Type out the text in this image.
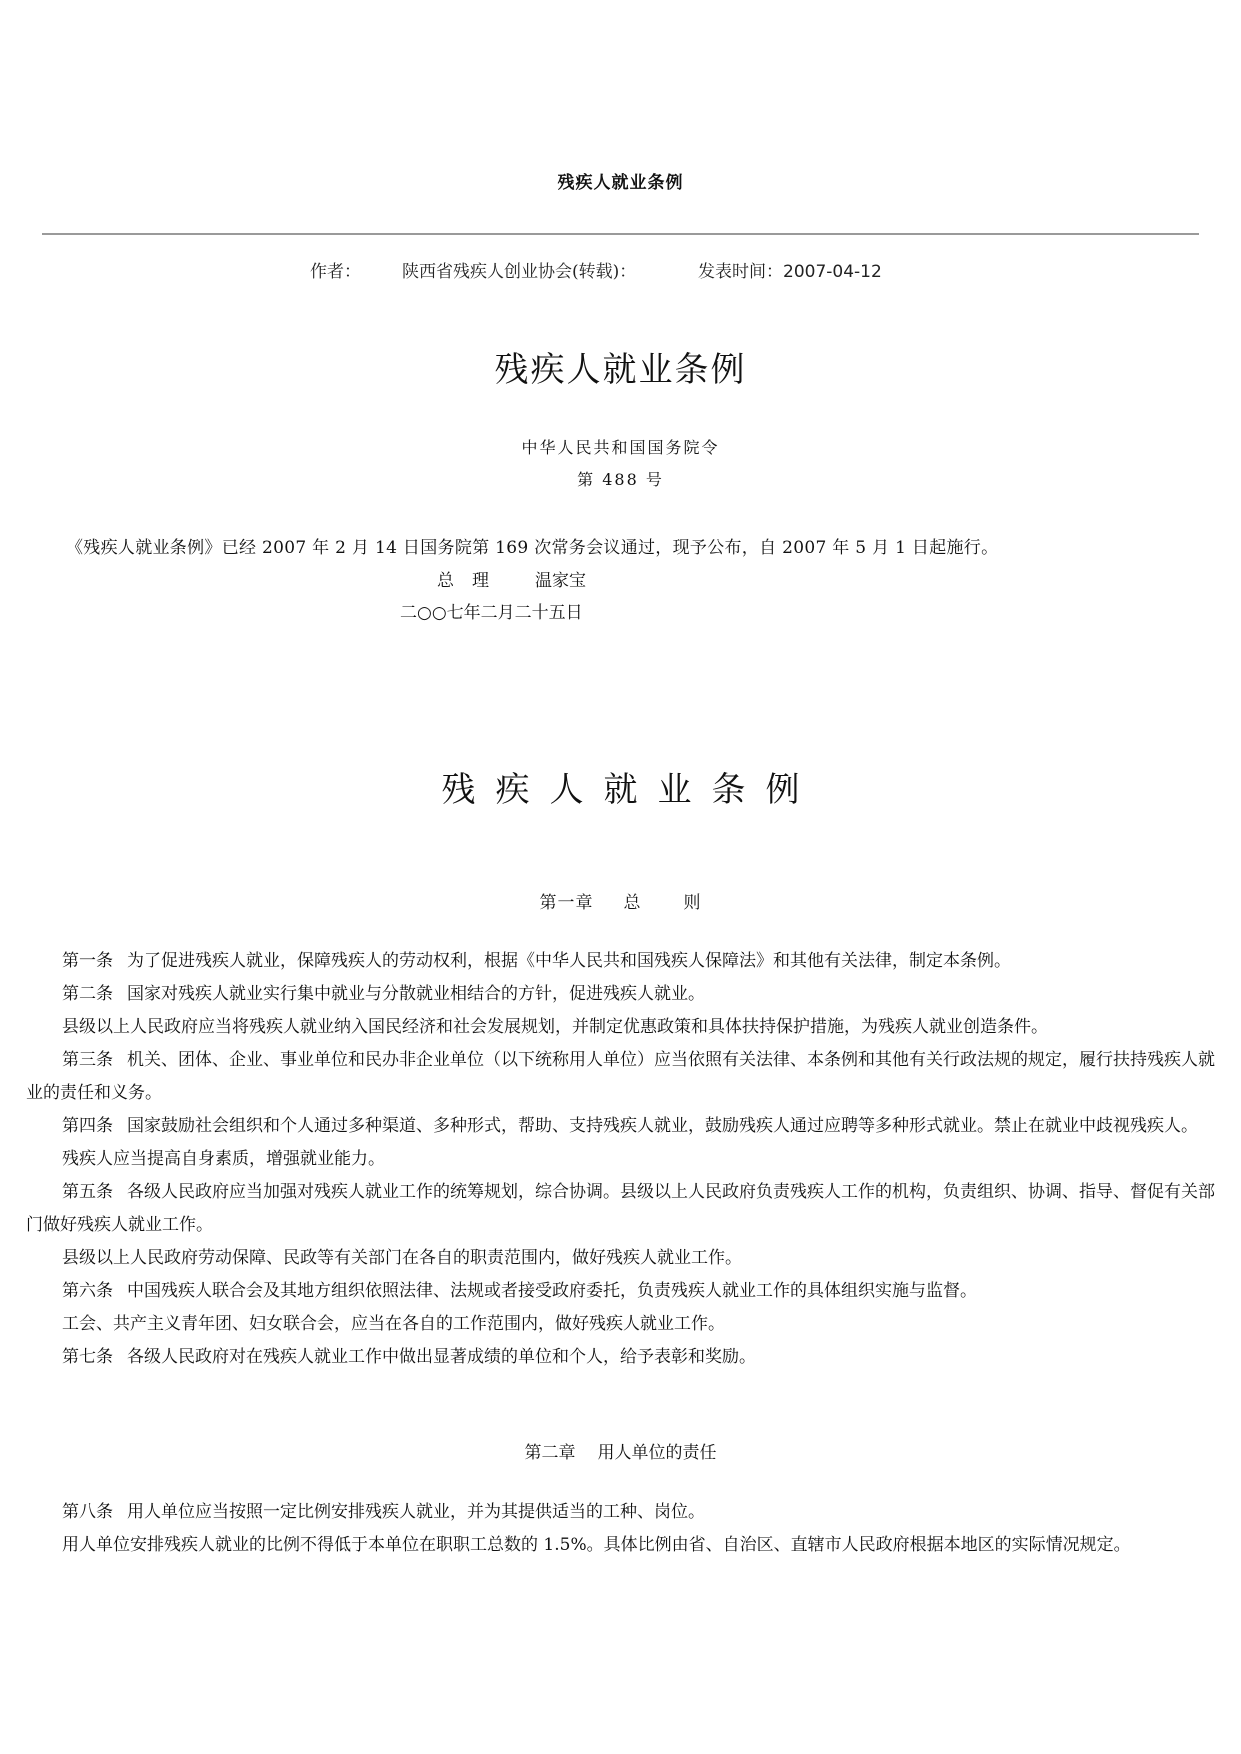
残疾人就业条例
作者： 陕西省残疾人创业协会(转载)：	发表时间：2007-04-12
残疾人就业条例
中华人民共和国国务院令
第 488 号
《残疾人就业条例》已经 2007 年 2 月 14 日国务院第 169 次常务会议通过，现予公布，自 2007 年 5 月 1 日起施行。
总理 温家宝
二○○七年二月二十五日
残疾人就业条例
第一章 总 则

第一条 为了促进残疾人就业，保障残疾人的劳动权利，根据《中华人民共和国残疾人保障法》和其他有关法律，制定本条例。

第二条 国家对残疾人就业实行集中就业与分散就业相结合的方针，促进残疾人就业。

县级以上人民政府应当将残疾人就业纳入国民经济和社会发展规划，并制定优惠政策和具体扶持保护措施，为残疾人就业创造条件。

第三条 机关、团体、企业、事业单位和民办非企业单位（以下统称用人单位）应当依照有关法律、本条例和其他有关行政法规的规定，履行扶持残疾人就业的责任和义务。

第四条 国家鼓励社会组织和个人通过多种渠道、多种形式，帮助、支持残疾人就业，鼓励残疾人通过应聘等多种形式就业。禁止在就业中歧视残疾人。

残疾人应当提高自身素质，增强就业能力。

第五条 各级人民政府应当加强对残疾人就业工作的统筹规划，综合协调。县级以上人民政府负责残疾人工作的机构，负责组织、协调、指导、督促有关部门做好残疾人就业工作。

县级以上人民政府劳动保障、民政等有关部门在各自的职责范围内，做好残疾人就业工作。

第六条 中国残疾人联合会及其地方组织依照法律、法规或者接受政府委托，负责残疾人就业工作的具体组织实施与监督。

工会、共产主义青年团、妇女联合会，应当在各自的工作范围内，做好残疾人就业工作。

第七条 各级人民政府对在残疾人就业工作中做出显著成绩的单位和个人，给予表彰和奖励。

第二章 用人单位的责任

第八条 用人单位应当按照一定比例安排残疾人就业，并为其提供适当的工种、岗位。

用人单位安排残疾人就业的比例不得低于本单位在职职工总数的 1.5%。具体比例由省、自治区、直辖市人民政府根据本地区的实际情况规定。
